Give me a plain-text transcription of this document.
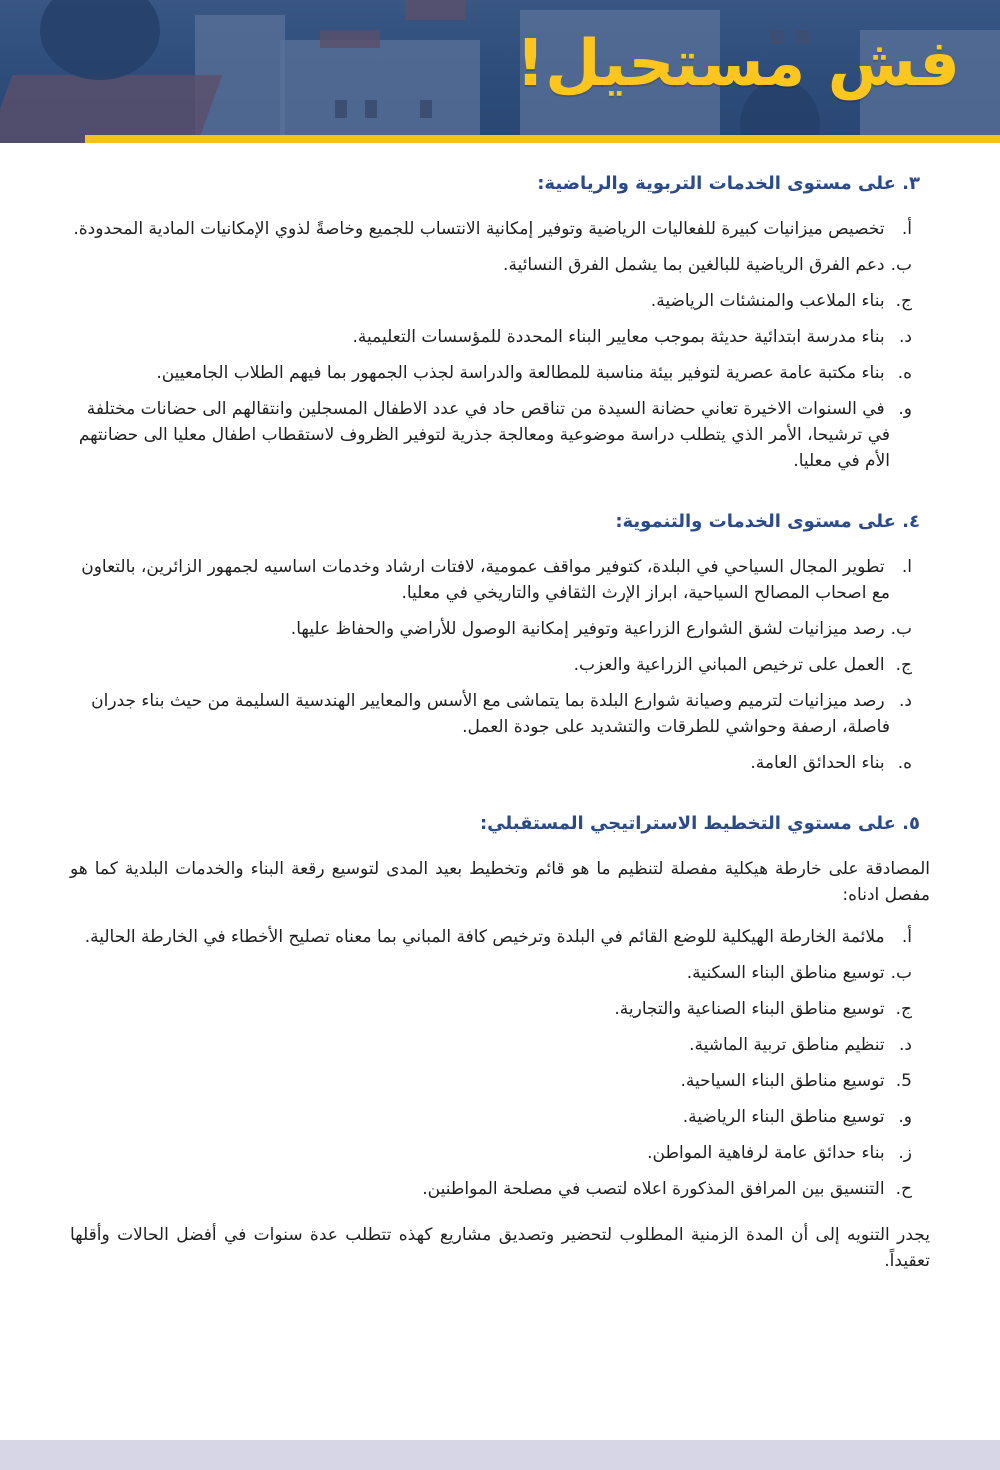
فش مستحيل!
٣. على مستوى الخدمات التربوية والرياضية:
أ. تخصيص ميزانيات كبيرة للفعاليات الرياضية وتوفير إمكانية الانتساب للجميع وخاصةً لذوي الإمكانيات المادية المحدودة.
ب. دعم الفرق الرياضية للبالغين بما يشمل الفرق النسائية.
ج. بناء الملاعب والمنشئات الرياضية.
د. بناء مدرسة ابتدائية حديثة بموجب معايير البناء المحددة للمؤسسات التعليمية.
ه. بناء مكتبة عامة عصرية لتوفير بيئة مناسبة للمطالعة والدراسة لجذب الجمهور بما فيهم الطلاب الجامعيين.
و. في السنوات الاخيرة تعاني حضانة السيدة من تناقص حاد في عدد الاطفال المسجلين وانتقالهم الى حضانات مختلفة في ترشيحا، الأمر الذي يتطلب دراسة موضوعية ومعالجة جذرية لتوفير الظروف لاستقطاب اطفال معليا الى حضانتهم الأم في معليا.
٤. على مستوى الخدمات والتنموية:
ا. تطوير المجال السياحي في البلدة، كتوفير مواقف عمومية، لافتات ارشاد وخدمات اساسيه لجمهور الزائرين، بالتعاون مع اصحاب المصالح السياحية، ابراز الإرث الثقافي والتاريخي في معليا.
ب. رصد ميزانيات لشق الشوارع الزراعية وتوفير إمكانية الوصول للأراضي والحفاظ عليها.
ج. العمل على ترخيص المباني الزراعية والعزب.
د. رصد ميزانيات لترميم وصيانة شوارع البلدة بما يتماشى مع الأسس والمعايير الهندسية السليمة من حيث بناء جدران فاصلة، ارصفة وحواشي للطرقات والتشديد على جودة العمل.
ه. بناء الحدائق العامة.
٥. على مستوي التخطيط الاستراتيجي المستقبلي:
المصادقة على خارطة هيكلية مفصلة لتنظيم ما هو قائم وتخطيط بعيد المدى لتوسيع رقعة البناء والخدمات البلدية كما هو مفصل ادناه:
أ. ملائمة الخارطة الهيكلية للوضع القائم في البلدة وترخيص كافة المباني بما معناه تصليح الأخطاء في الخارطة الحالية.
ب. توسيع مناطق البناء السكنية.
ج. توسيع مناطق البناء الصناعية والتجارية.
د. تنظيم مناطق تربية الماشية.
5. توسيع مناطق البناء السياحية.
و. توسيع مناطق البناء الرياضية.
ز. بناء حدائق عامة لرفاهية المواطن.
ح. التنسيق بين المرافق المذكورة اعلاه لتصب في مصلحة المواطنين.
يجدر التنويه إلى أن المدة الزمنية المطلوب لتحضير وتصديق مشاريع كهذه تتطلب عدة سنوات في أفضل الحالات وأقلها تعقيداً.
